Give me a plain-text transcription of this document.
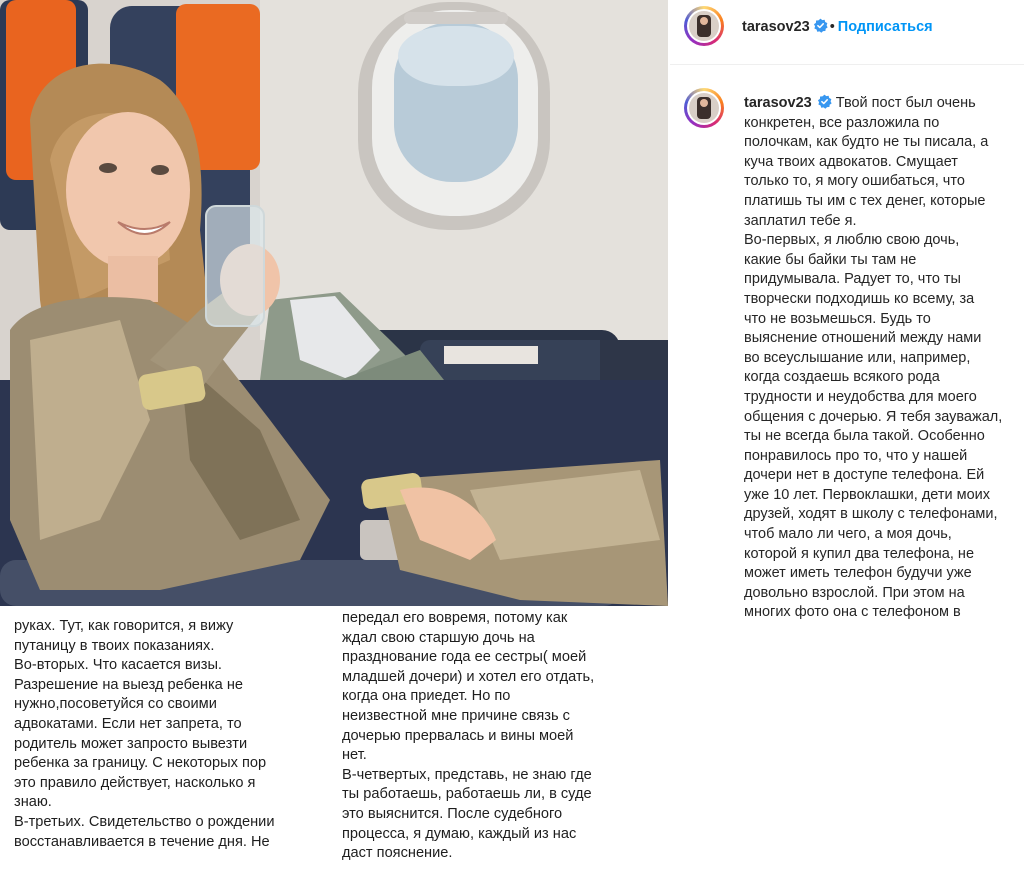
tarasov23 • Подписаться
tarasov23 Твой пост был очень
конкретен, все разложила по
полочкам, как будто не ты писала, а
куча твоих адвокатов. Смущает
только то, я могу ошибаться, что
платишь ты им с тех денег, которые
заплатил тебе я.
Во-первых, я люблю свою дочь,
какие бы байки ты там не
придумывала. Радует то, что ты
творчески подходишь ко всему, за
что не возьмешься. Будь то
выяснение отношений между нами
во всеуслышание или, например,
когда создаешь всякого рода
трудности и неудобства для моего
общения с дочерью. Я тебя зауважал,
ты не всегда была такой. Особенно
понравилось про то, что у нашей
дочери нет в доступе телефона. Ей
уже 10 лет. Первоклашки, дети моих
друзей, ходят в школу с телефонами,
чтоб мало ли чего, а моя дочь,
которой я купил два телефона, не
может иметь телефон будучи уже
довольно взрослой. При этом на
многих фото она с телефоном в
руках. Тут, как говорится, я вижу
путаницу в твоих показаниях.
Во-вторых. Что касается визы.
Разрешение на выезд ребенка не
нужно,посоветуйся со своими
адвокатами. Если нет запрета, то
родитель может запросто вывезти
ребенка за границу. С некоторых пор
это правило действует, насколько я
знаю.
В-третьих. Свидетельство о рождении
восстанавливается в течение дня. Не
передал его вовремя, потому как
ждал свою старшую дочь на
празднование года ее сестры( моей
младшей дочери) и хотел его отдать,
когда она приедет. Но по
неизвестной мне причине связь с
дочерью прервалась и вины моей
нет.
В-четвертых, представь, не знаю где
ты работаешь, работаешь ли, в суде
это выяснится. После судебного
процесса, я думаю, каждый из нас
даст пояснение.
